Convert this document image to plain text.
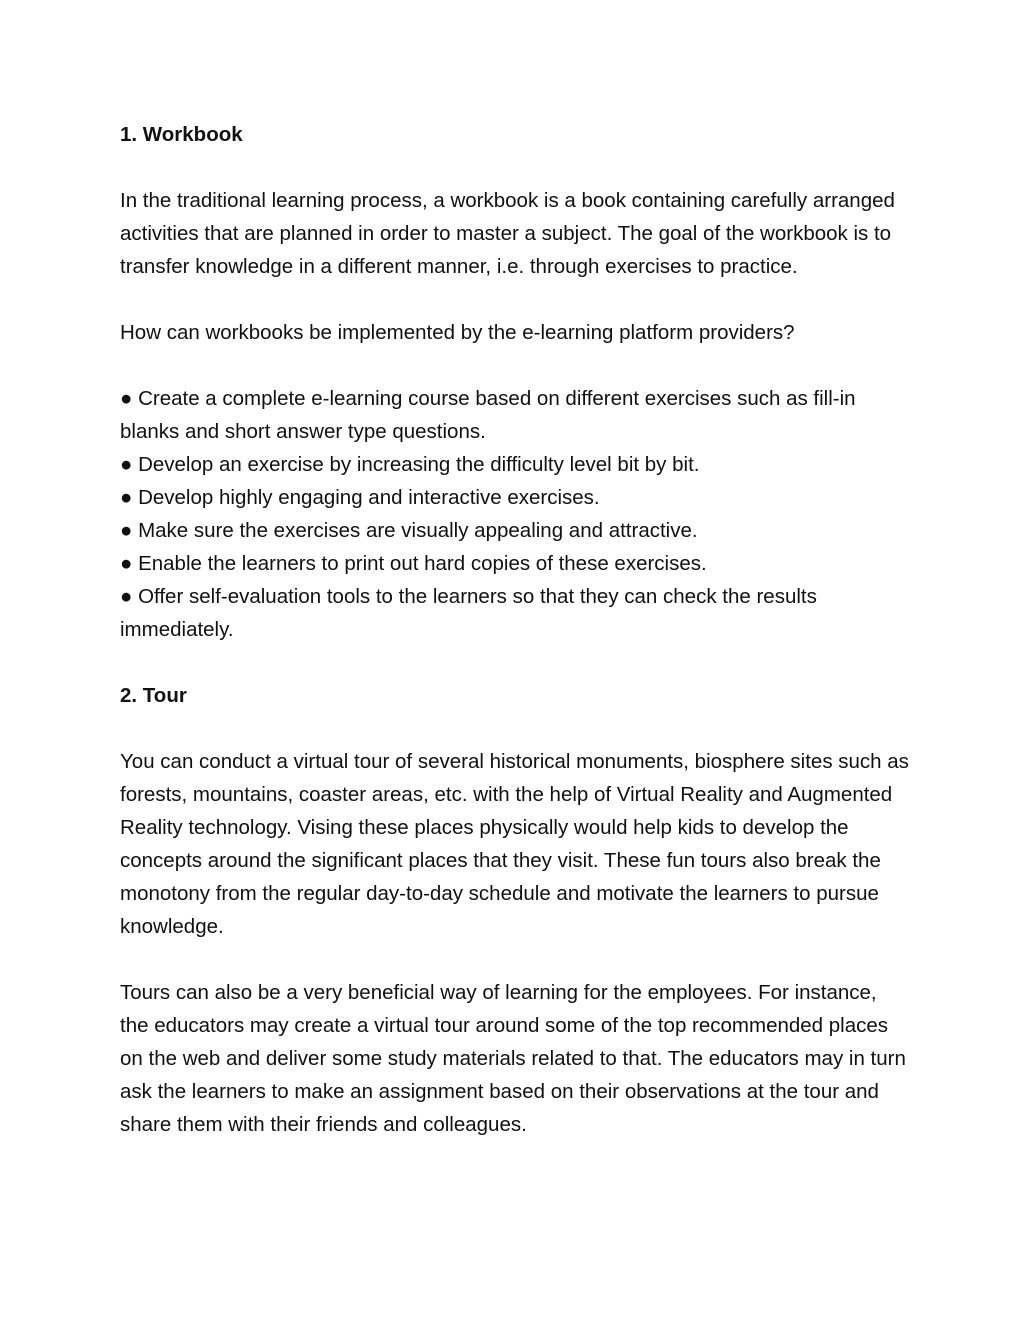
1. Workbook
In the traditional learning process, a workbook is a book containing carefully arranged activities that are planned in order to master a subject. The goal of the workbook is to transfer knowledge in a different manner, i.e. through exercises to practice.
How can workbooks be implemented by the e-learning platform providers?
● Create a complete e-learning course based on different exercises such as fill-in blanks and short answer type questions.
● Develop an exercise by increasing the difficulty level bit by bit.
● Develop highly engaging and interactive exercises.
● Make sure the exercises are visually appealing and attractive.
● Enable the learners to print out hard copies of these exercises.
● Offer self-evaluation tools to the learners so that they can check the results immediately.
2. Tour
You can conduct a virtual tour of several historical monuments, biosphere sites such as forests, mountains, coaster areas, etc. with the help of Virtual Reality and Augmented Reality technology. Vising these places physically would help kids to develop the concepts around the significant places that they visit. These fun tours also break the monotony from the regular day-to-day schedule and motivate the learners to pursue knowledge.
Tours can also be a very beneficial way of learning for the employees. For instance, the educators may create a virtual tour around some of the top recommended places on the web and deliver some study materials related to that. The educators may in turn ask the learners to make an assignment based on their observations at the tour and share them with their friends and colleagues.
